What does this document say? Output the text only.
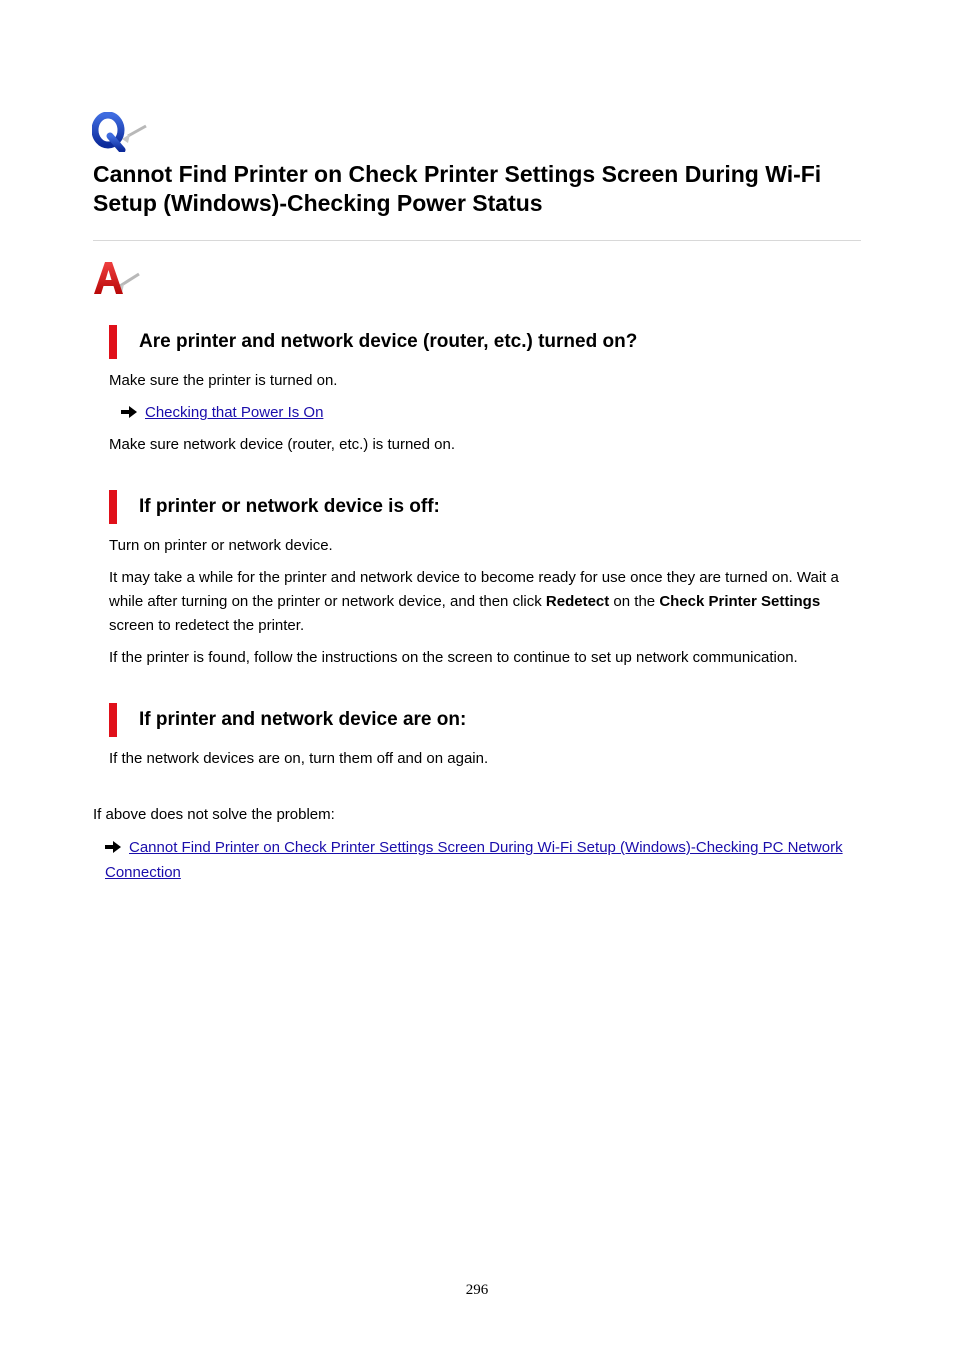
Cannot Find Printer on Check Printer Settings Screen During Wi-Fi Setup (Windows)-Checking Power Status
Are printer and network device (router, etc.) turned on?

Make sure the printer is turned on.

Checking that Power Is On

Make sure network device (router, etc.) is turned on.

If printer or network device is off:

Turn on printer or network device.

It may take a while for the printer and network device to become ready for use once they are turned on. Wait a while after turning on the printer or network device, and then click Redetect on the Check Printer Settings screen to redetect the printer.

If the printer is found, follow the instructions on the screen to continue to set up network communication.

If printer and network device are on:

If the network devices are on, turn them off and on again.

If above does not solve the problem:

Cannot Find Printer on Check Printer Settings Screen During Wi-Fi Setup (Windows)-Checking PC Network Connection
296
